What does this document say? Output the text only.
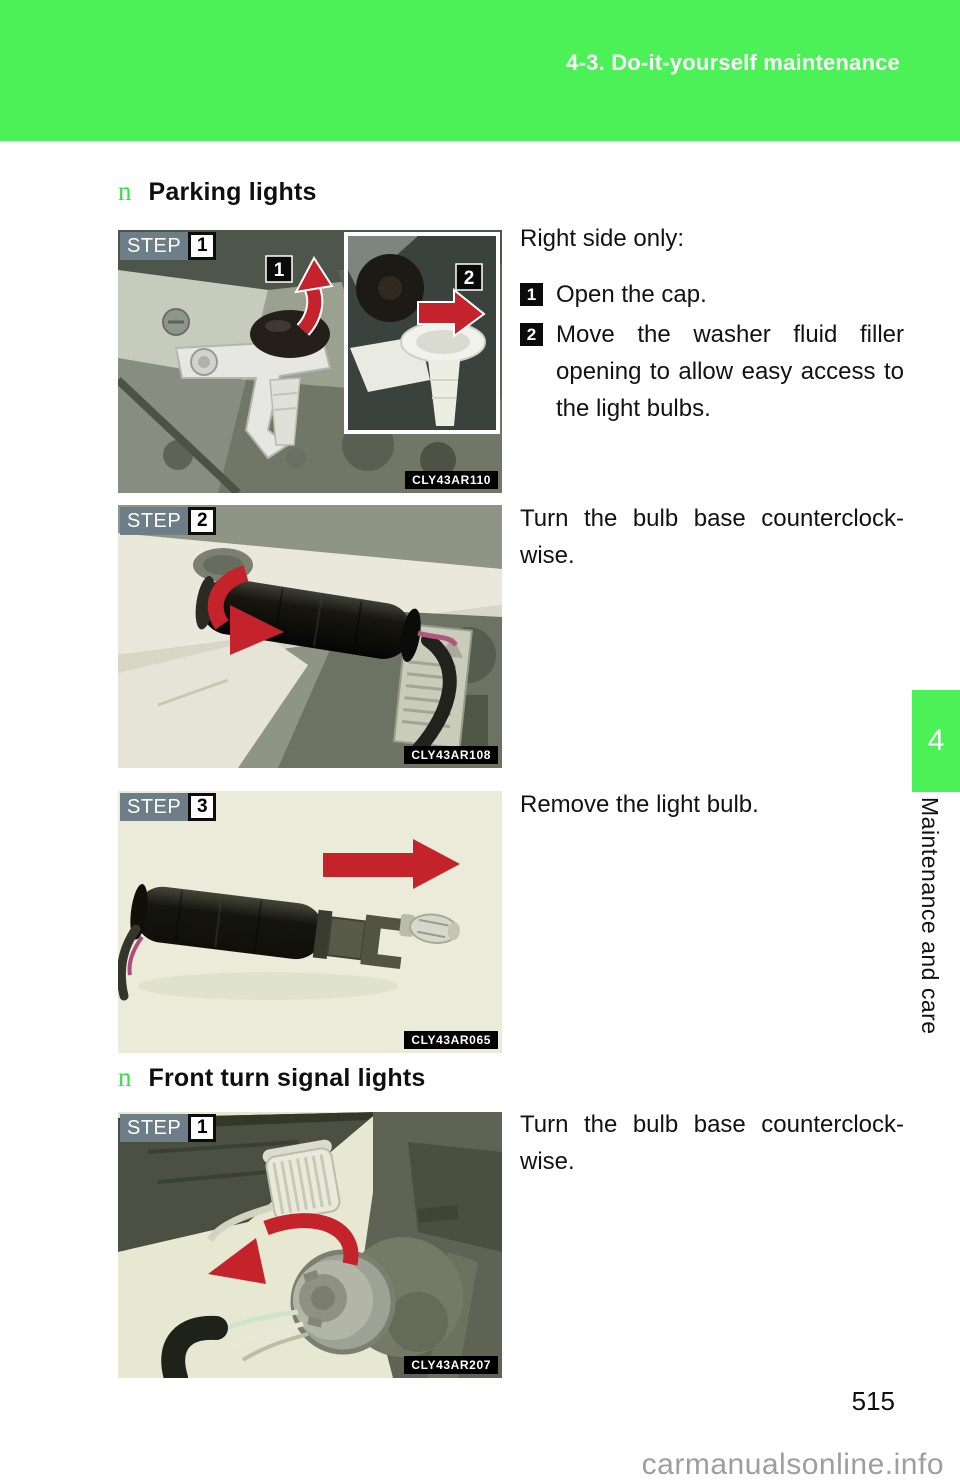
4-3. Do-it-yourself maintenance
n Parking lights
1	2
STEP 1
CLY43AR110

Right side only:

1 Open the cap.
2 Move the washer fluid filler
opening to allow easy access to
the light bulbs.
STEP 2
CLY43AR108
Turn the bulb base counterclock-
wise.
STEP 3
CLY43AR065
Remove the light bulb.
n Front turn signal lights
STEP 1
CLY43AR207
Turn the bulb base counterclock-
wise.
4
Maintenance and care
515
carmanualsonline.info
